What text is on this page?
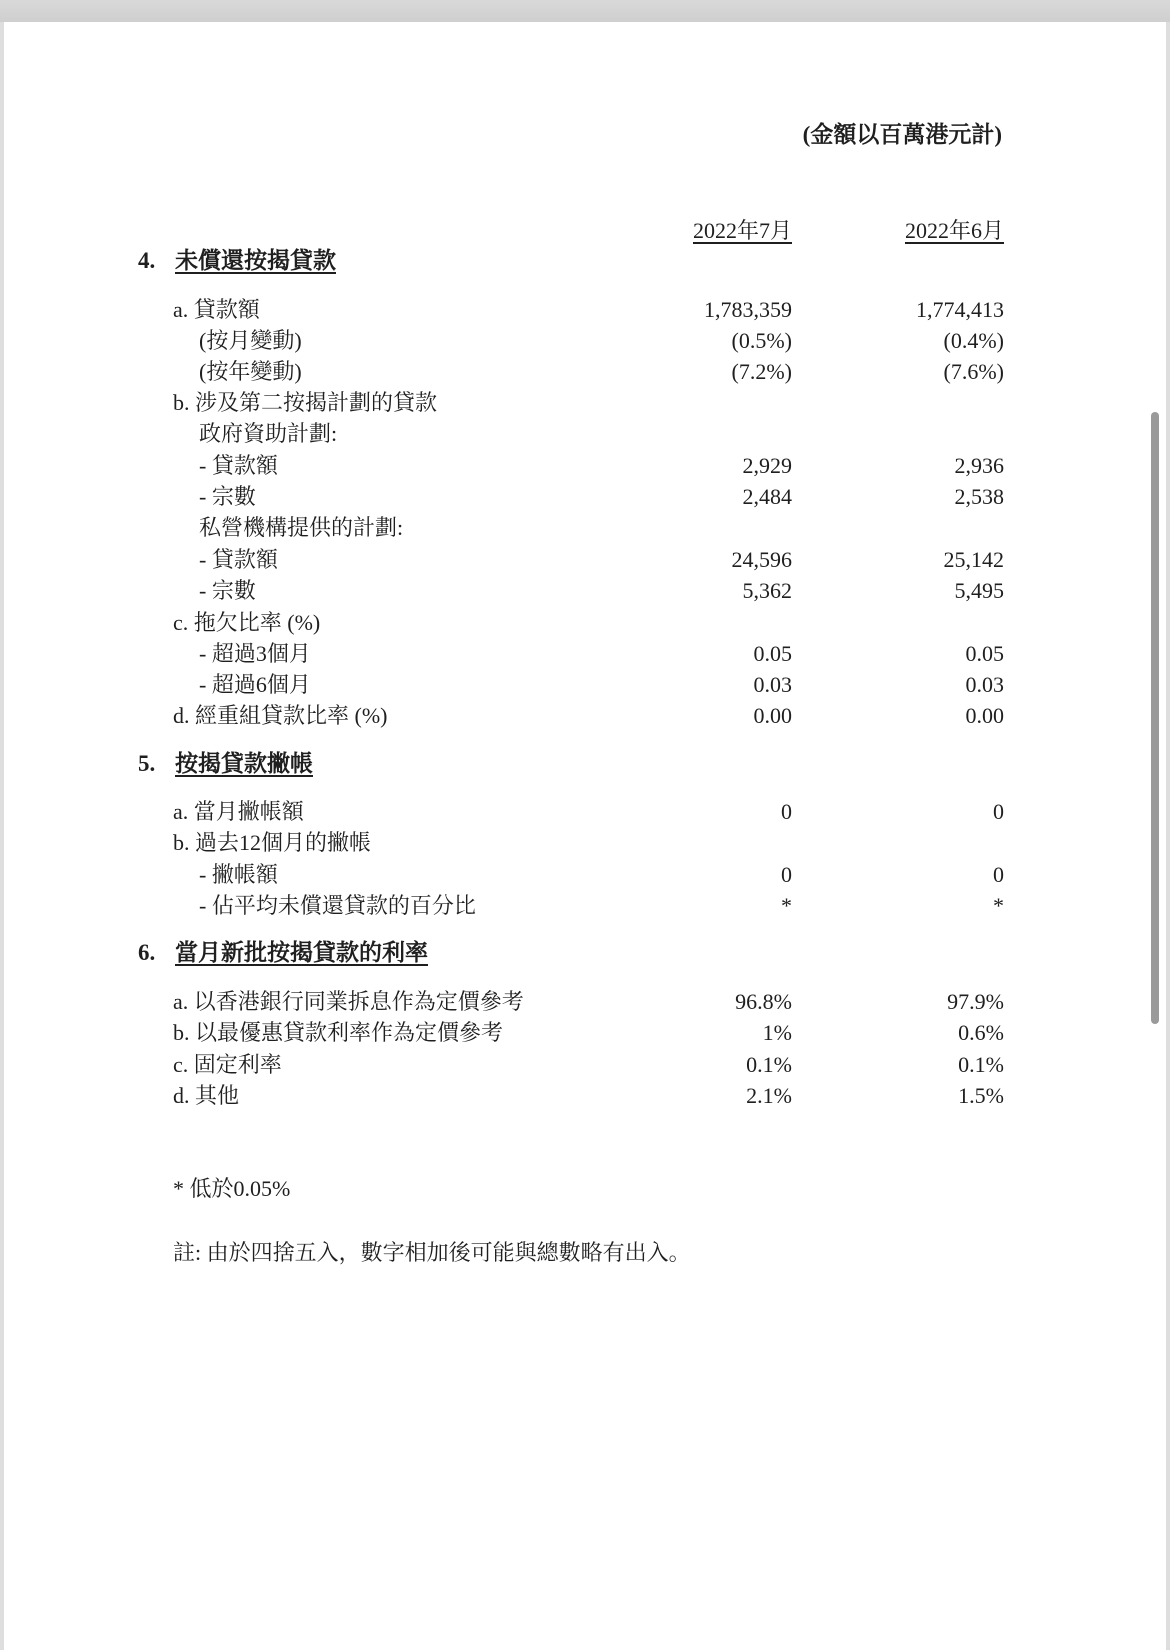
(金額以百萬港元計)
2022年7月	2022年6月
4. 未償還按揭貸款
a. 貸款額	1,783,359	1,774,413
(按月變動)	(0.5%)	(0.4%)
(按年變動)	(7.2%)	(7.6%)
b. 涉及第二按揭計劃的貸款
政府資助計劃:
- 貸款額	2,929	2,936
- 宗數	2,484	2,538
私營機構提供的計劃:
- 貸款額	24,596	25,142
- 宗數	5,362	5,495
c. 拖欠比率 (%)
- 超過3個月	0.05	0.05
- 超過6個月	0.03	0.03
d. 經重組貸款比率 (%)	0.00	0.00
5. 按揭貸款撇帳
a. 當月撇帳額	0	0
b. 過去12個月的撇帳
- 撇帳額	0	0
- 佔平均未償還貸款的百分比	*	*
6. 當月新批按揭貸款的利率
a. 以香港銀行同業拆息作為定價參考	96.8%	97.9%
b. 以最優惠貸款利率作為定價參考	1%	0.6%
c. 固定利率	0.1%	0.1%
d. 其他	2.1%	1.5%
* 低於0.05%
註: 由於四捨五入，數字相加後可能與總數略有出入。
